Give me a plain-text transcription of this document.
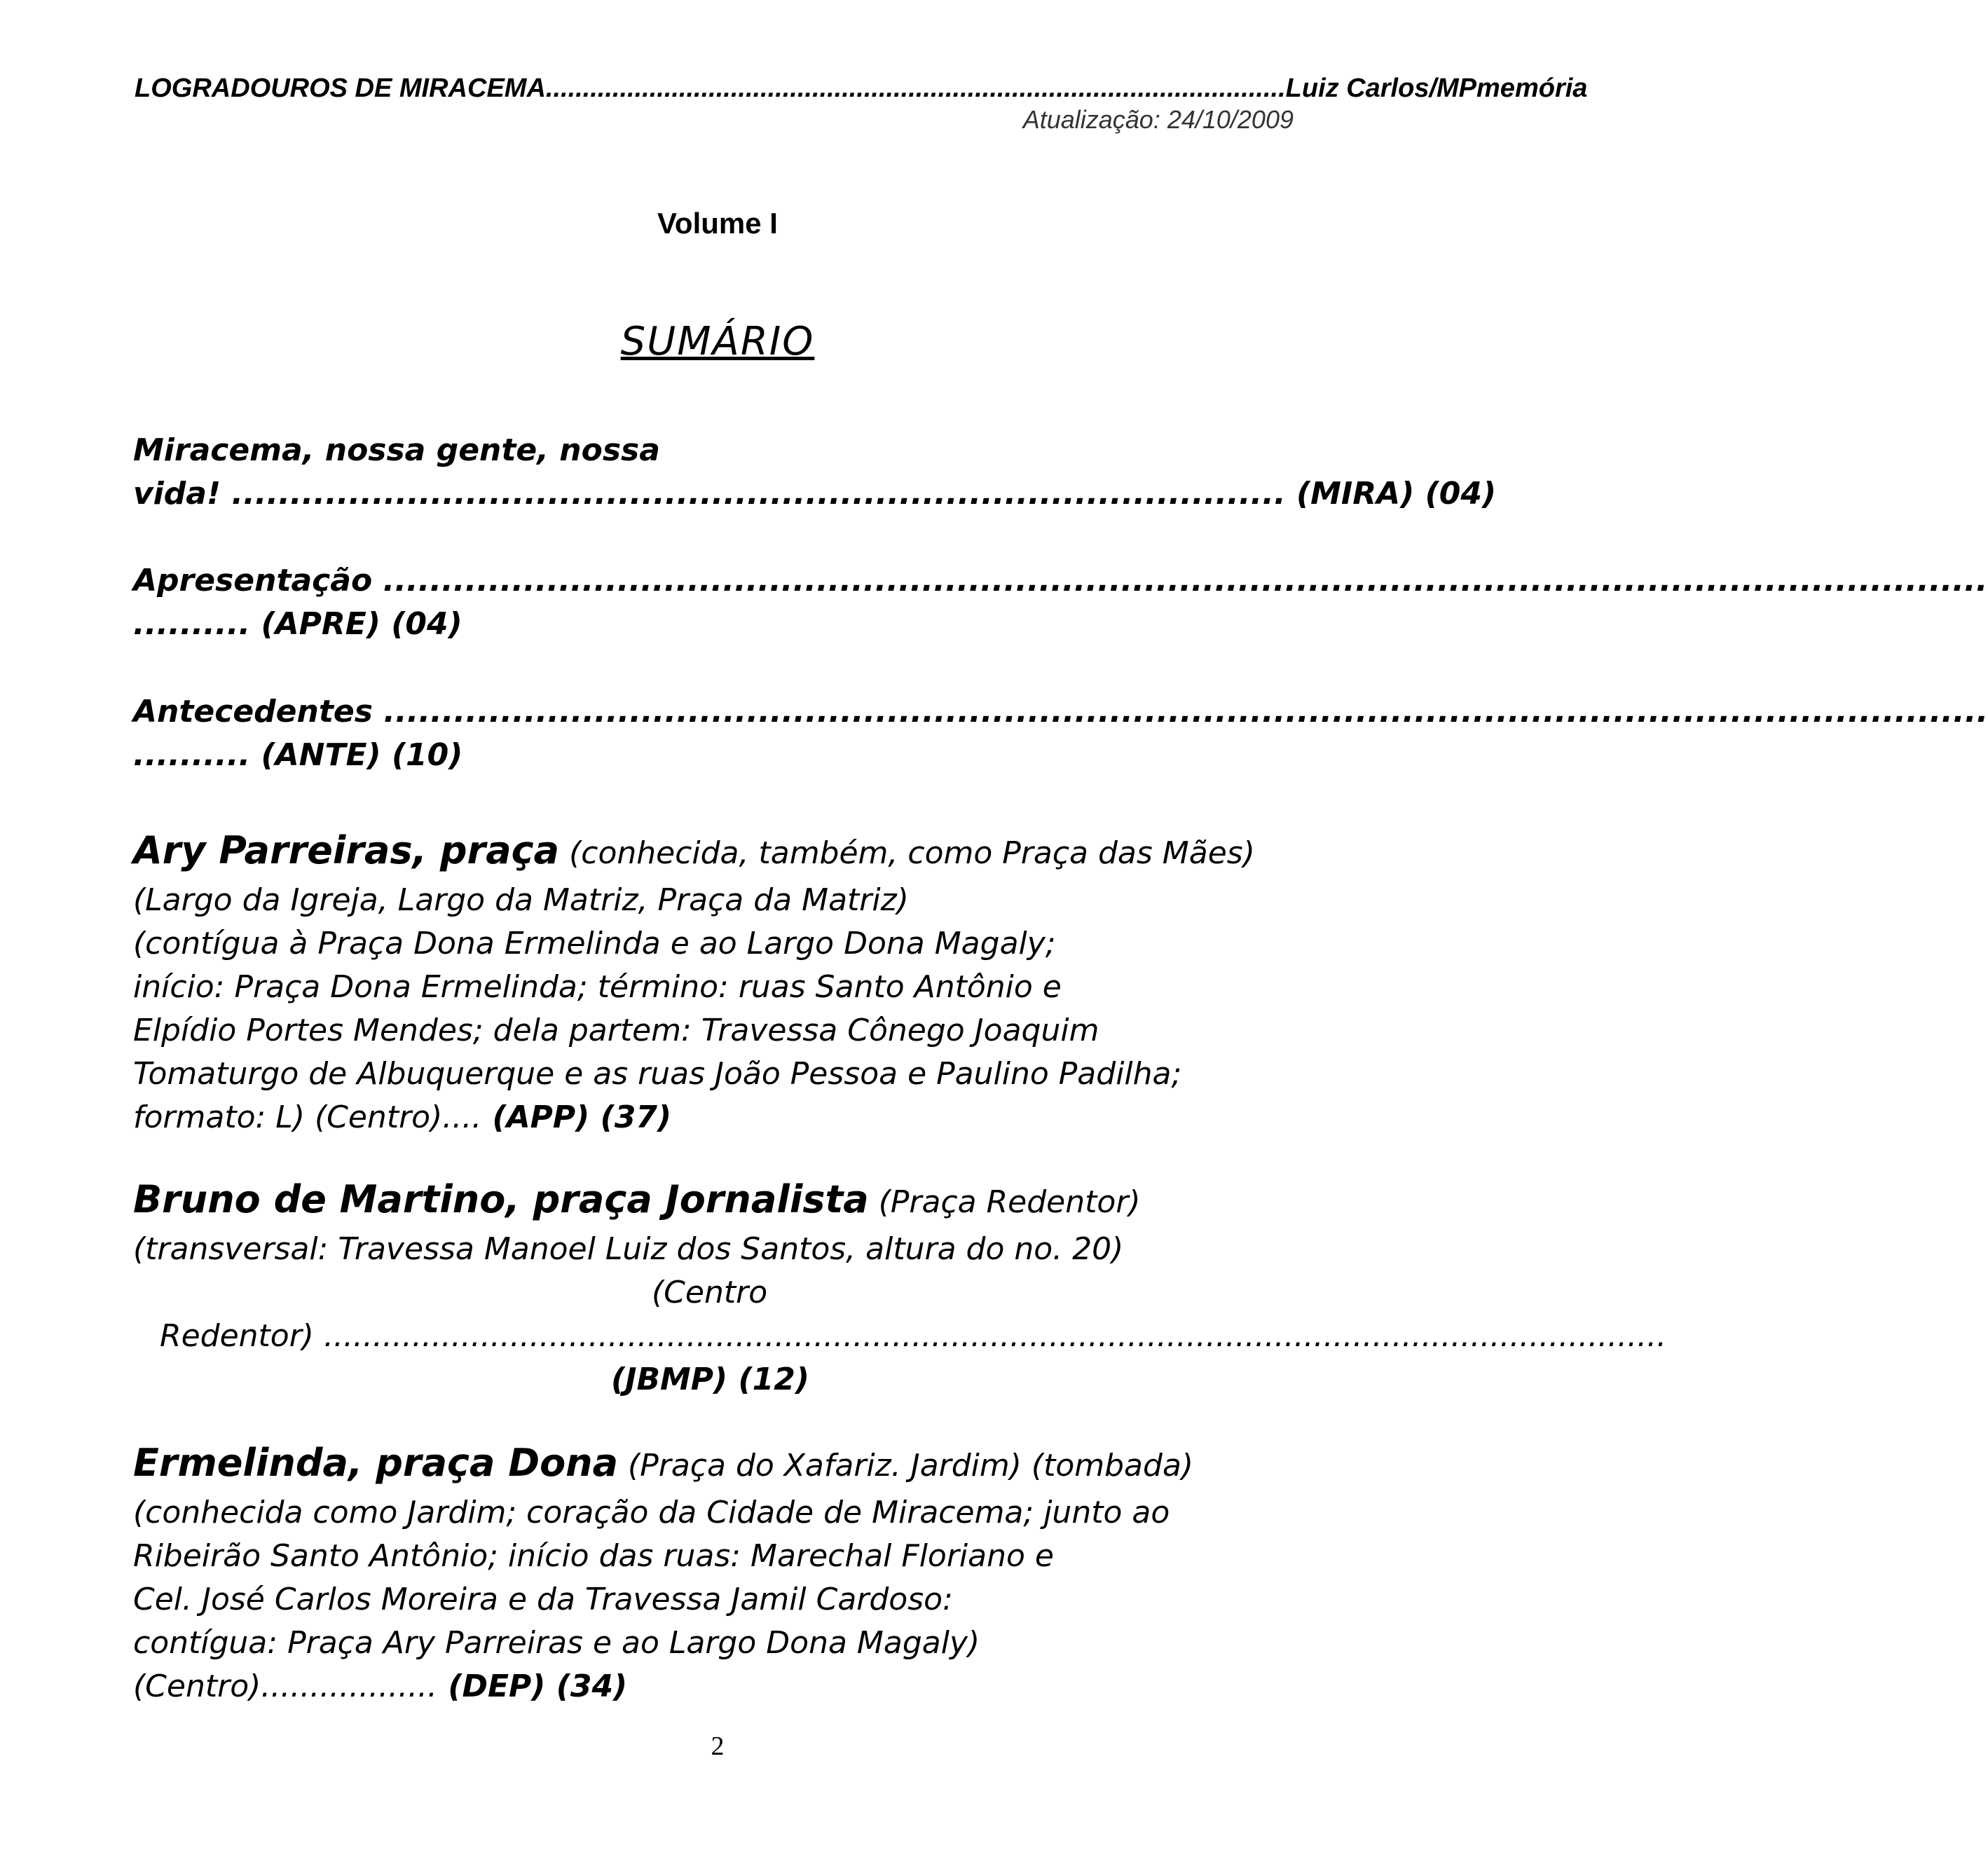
LOGRADOUROS DE MIRACEMA .................................................................................................... Luiz Carlos/MPmemória
Atualização: 24/10/2009
Volume I
SUMÁRIO
Miracema, nossa gente, nossa
vida! .......................................................................................... (MIRA) (04)
Apresentação .........................................................................................................................................
.......... (APRE) (04)
Antecedentes .........................................................................................................................................
.......... (ANTE) (10)
Ary Parreiras, praça (conhecida, também, como Praça das Mães)
(Largo da Igreja, Largo da Matriz, Praça da Matriz)
(contígua à Praça Dona Ermelinda e ao Largo Dona Magaly;
início: Praça Dona Ermelinda; término: ruas Santo Antônio e
Elpídio Portes Mendes; dela partem: Travessa Cônego Joaquim
Tomaturgo de Albuquerque e as ruas João Pessoa e Paulino Padilha;
formato: L) (Centro).... (APP) (37)
Bruno de Martino, praça Jornalista (Praça Redentor)
(transversal: Travessa Manoel Luiz dos Santos, altura do no. 20)
(Centro
Redentor) .........................................................................................................................................
(JBMP) (12)
Ermelinda, praça Dona (Praça do Xafariz. Jardim) (tombada)
(conhecida como Jardim; coração da Cidade de Miracema; junto ao
Ribeirão Santo Antônio; início das ruas: Marechal Floriano e
Cel. José Carlos Moreira e da Travessa Jamil Cardoso:
contígua: Praça Ary Parreiras e ao Largo Dona Magaly)
(Centro).................. (DEP) (34)
2
